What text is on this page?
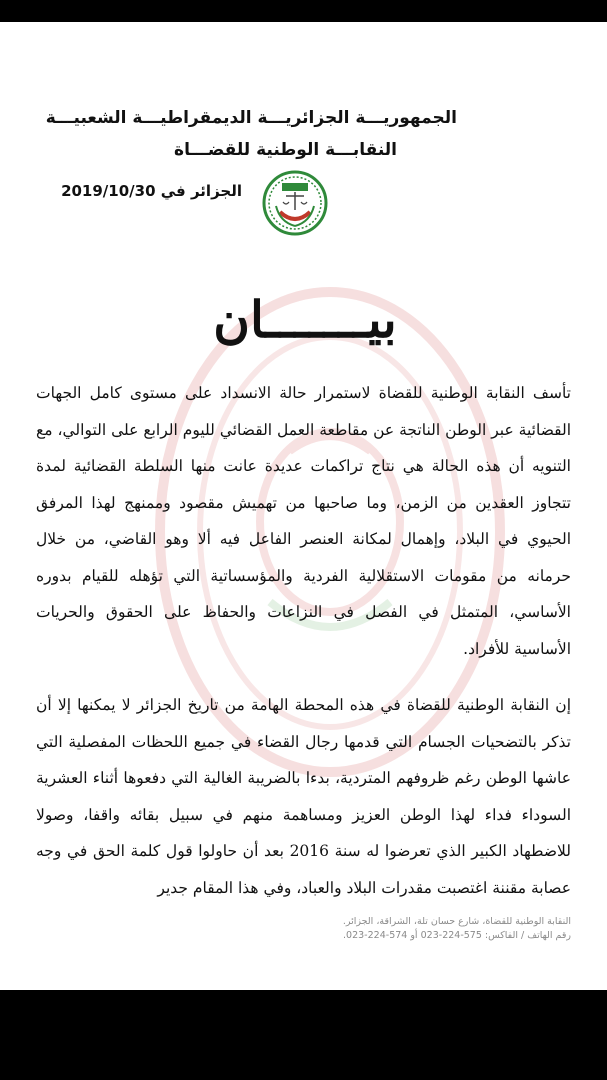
الجمهوريـــة الجزائريـــة الديمقراطيـــة الشعبيـــة
النقابـــة الوطنية للقضـــاة
الجزائر في 2019/10/30
بيـــــــان

تأسف النقابة الوطنية للقضاة لاستمرار حالة الانسداد على مستوى كامل الجهات القضائية عبر الوطن الناتجة عن مقاطعة العمل القضائي لليوم الرابع على التوالي، مع التنويه أن هذه الحالة هي نتاج تراكمات عديدة عانت منها السلطة القضائية لمدة تتجاوز العقدين من الزمن، وما صاحبها من تهميش مقصود وممنهج لهذا المرفق الحيوي في البلاد، وإهمال لمكانة العنصر الفاعل فيه ألا وهو القاضي، من خلال حرمانه من مقومات الاستقلالية الفردية والمؤسساتية التي تؤهله للقيام بدوره الأساسي، المتمثل في الفصل في النزاعات والحفاظ على الحقوق والحريات الأساسية للأفراد.

إن النقابة الوطنية للقضاة في هذه المحطة الهامة من تاريخ الجزائر لا يمكنها إلا أن تذكر بالتضحيات الجسام التي قدمها رجال القضاء في جميع اللحظات المفصلية التي عاشها الوطن رغم ظروفهم المتردية، بدءا بالضريبة الغالية التي دفعوها أثناء العشرية السوداء فداء لهذا الوطن العزيز ومساهمة منهم في سبيل بقائه واقفا، وصولا للاضطهاد الكبير الذي تعرضوا له سنة 2016 بعد أن حاولوا قول كلمة الحق في وجه عصابة مقننة اغتصبت مقدرات البلاد والعباد، وفي هذا المقام جدير

النقابة الوطنية للقضاة، شارع حسان تلة، الشراقة، الجزائر.
رقم الهاتف / الفاكس: 575-224-023 أو 574-224-023.
